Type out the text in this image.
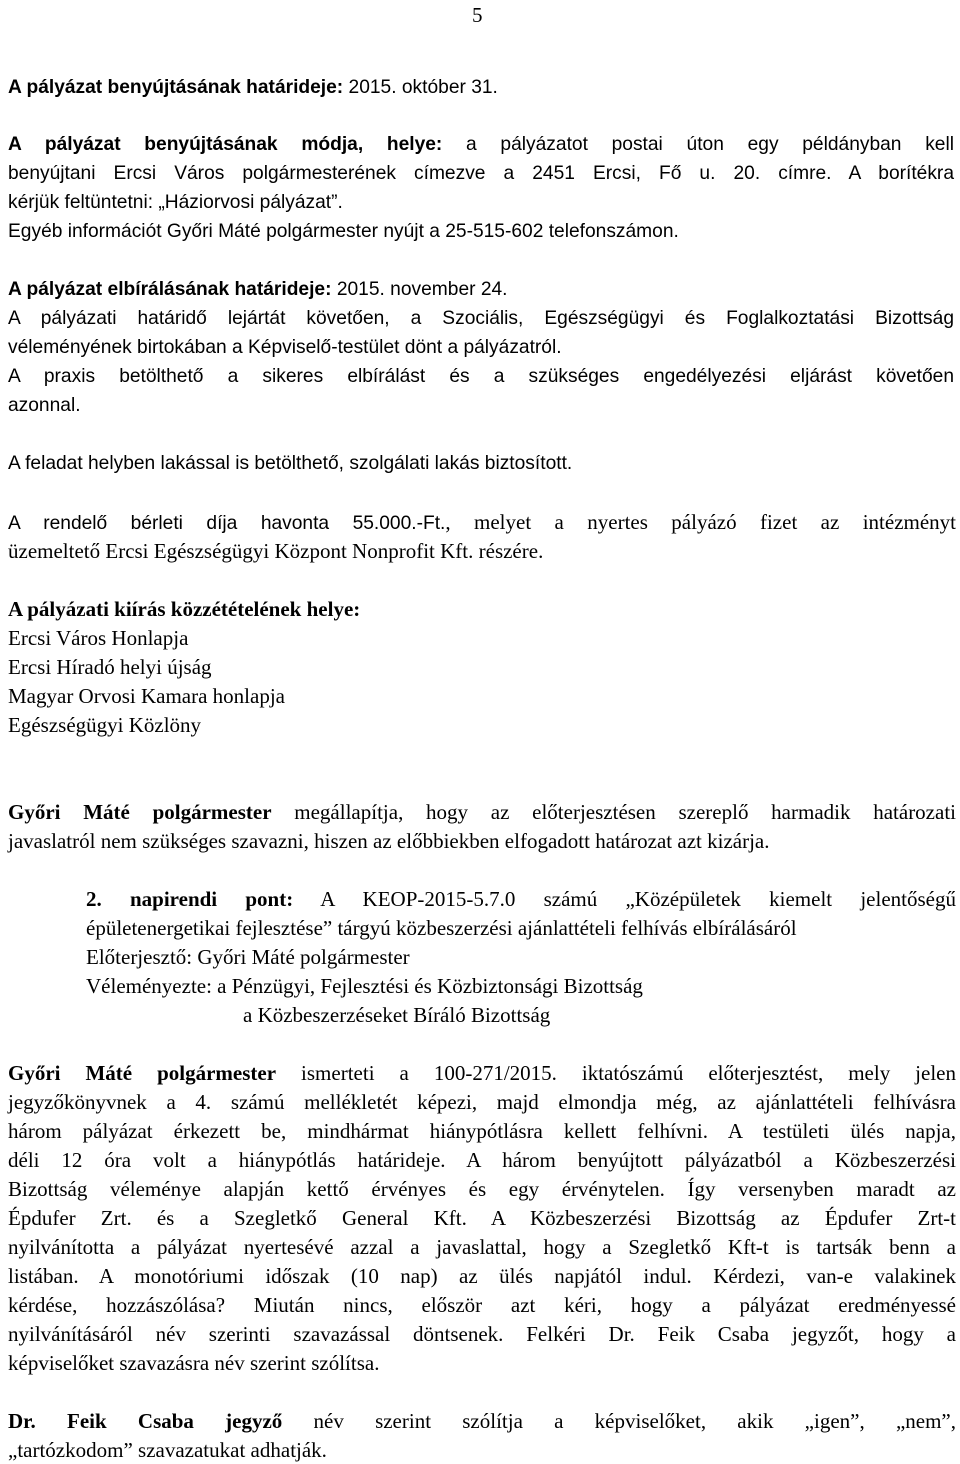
5
A pályázat benyújtásának határideje: 2015. október 31.
A pályázat benyújtásának módja, helye: a pályázatot postai úton egy példányban kell
benyújtani Ercsi Város polgármesterének címezve a 2451 Ercsi, Fő u. 20. címre. A borítékra
kérjük feltüntetni: „Háziorvosi pályázat”.
Egyéb információt Győri Máté polgármester nyújt a 25-515-602 telefonszámon.
A pályázat elbírálásának határideje: 2015. november 24.
A pályázati határidő lejártát követően, a Szociális, Egészségügyi és Foglalkoztatási Bizottság
véleményének birtokában a Képviselő-testület dönt a pályázatról.
A praxis betölthető a sikeres elbírálást és a szükséges engedélyezési eljárást követően
azonnal.
A feladat helyben lakással is betölthető, szolgálati lakás biztosított.
A rendelő bérleti díja havonta 55.000.-Ft., melyet a nyertes pályázó fizet az intézményt
üzemeltető Ercsi Egészségügyi Központ Nonprofit Kft. részére.
A pályázati kiírás közzétételének helye:
Ercsi Város Honlapja
Ercsi Híradó helyi újság
Magyar Orvosi Kamara honlapja
Egészségügyi Közlöny
Győri Máté polgármester megállapítja, hogy az előterjesztésen szereplő harmadik határozati
javaslatról nem szükséges szavazni, hiszen az előbbiekben elfogadott határozat azt kizárja.
2. napirendi pont: A KEOP-2015-5.7.0 számú „Középületek kiemelt jelentőségű
épületenergetikai fejlesztése” tárgyú közbeszerzési ajánlattételi felhívás elbírálásáról
Előterjesztő: Győri Máté polgármester
Véleményezte: a Pénzügyi, Fejlesztési és Közbiztonsági Bizottság
a Közbeszerzéseket Bíráló Bizottság
Győri Máté polgármester ismerteti a 100-271/2015. iktatószámú előterjesztést, mely jelen
jegyzőkönyvnek a 4. számú mellékletét képezi, majd elmondja még, az ajánlattételi felhívásra
három pályázat érkezett be, mindhármat hiánypótlásra kellett felhívni. A testületi ülés napja,
déli 12 óra volt a hiánypótlás határideje. A három benyújtott pályázatból a Közbeszerzési
Bizottság véleménye alapján kettő érvényes és egy érvénytelen. Így versenyben maradt az
Épdufer Zrt. és a Szegletkő General Kft. A Közbeszerzési Bizottság az Épdufer Zrt-t
nyilvánította a pályázat nyertesévé azzal a javaslattal, hogy a Szegletkő Kft-t is tartsák benn a
listában. A monotóriumi időszak (10 nap) az ülés napjától indul. Kérdezi, van-e valakinek
kérdése, hozzászólása? Miután nincs, először azt kéri, hogy a pályázat eredményessé
nyilvánításáról név szerinti szavazással döntsenek. Felkéri Dr. Feik Csaba jegyzőt, hogy a
képviselőket szavazásra név szerint szólítsa.
Dr. Feik Csaba jegyző név szerint szólítja a képviselőket, akik „igen”, „nem”,
„tartózkodom” szavazatukat adhatják.
